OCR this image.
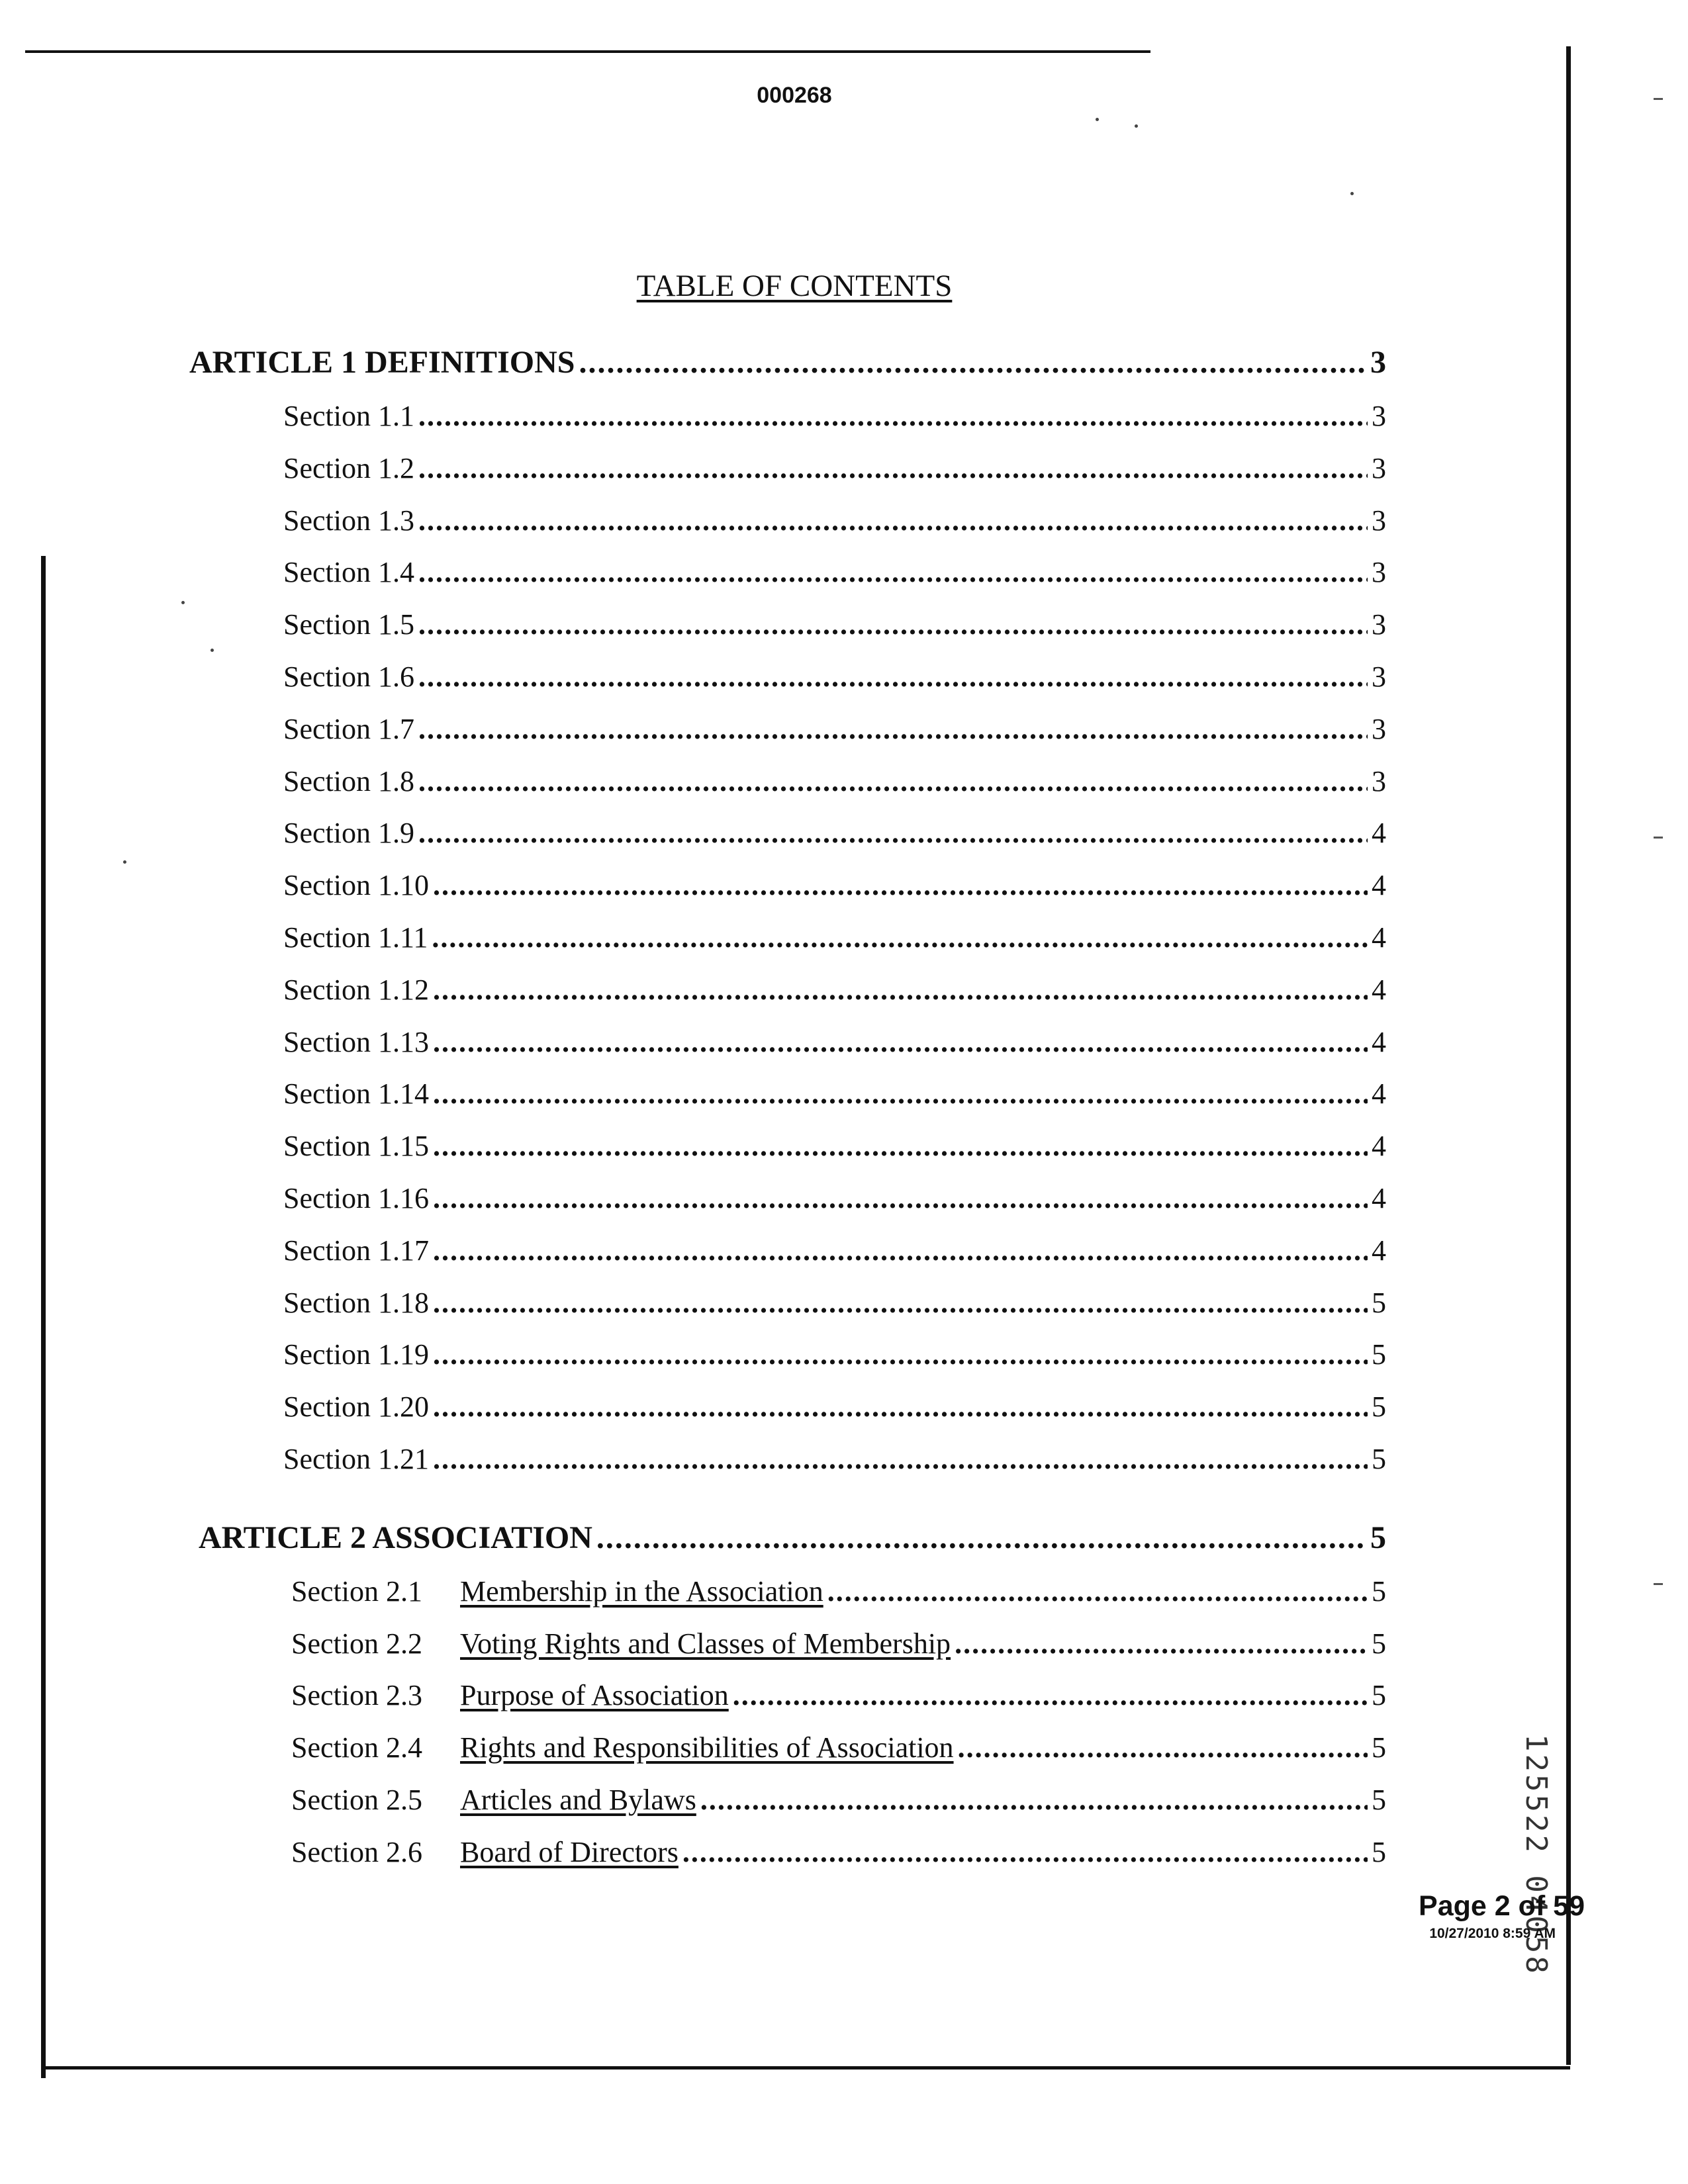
000268
TABLE OF CONTENTS
ARTICLE 1 DEFINITIONS .....	3
Section 1.1 .....	3
Section 1.2 .....	3
Section 1.3 .....	3
Section 1.4 .....	3
Section 1.5 .....	3
Section 1.6 .....	3
Section 1.7 .....	3
Section 1.8 .....	3
Section 1.9 .....	4
Section 1.10 .....	4
Section 1.11 .....	4
Section 1.12 .....	4
Section 1.13 .....	4
Section 1.14 .....	4
Section 1.15 .....	4
Section 1.16 .....	4
Section 1.17 .....	4
Section 1.18 .....	5
Section 1.19 .....	5
Section 1.20 .....	5
Section 1.21 .....	5
ARTICLE 2 ASSOCIATION .....	5
Section 2.1	Membership in the Association .....	5
Section 2.2	Voting Rights and Classes of Membership .....	5
Section 2.3	Purpose of Association .....	5
Section 2.4	Rights and Responsibilities of Association .....	5
Section 2.5	Articles and Bylaws .....	5
Section 2.6	Board of Directors .....	5	125522 04058
Page 2 of 59
10/27/2010 8:59 AM
